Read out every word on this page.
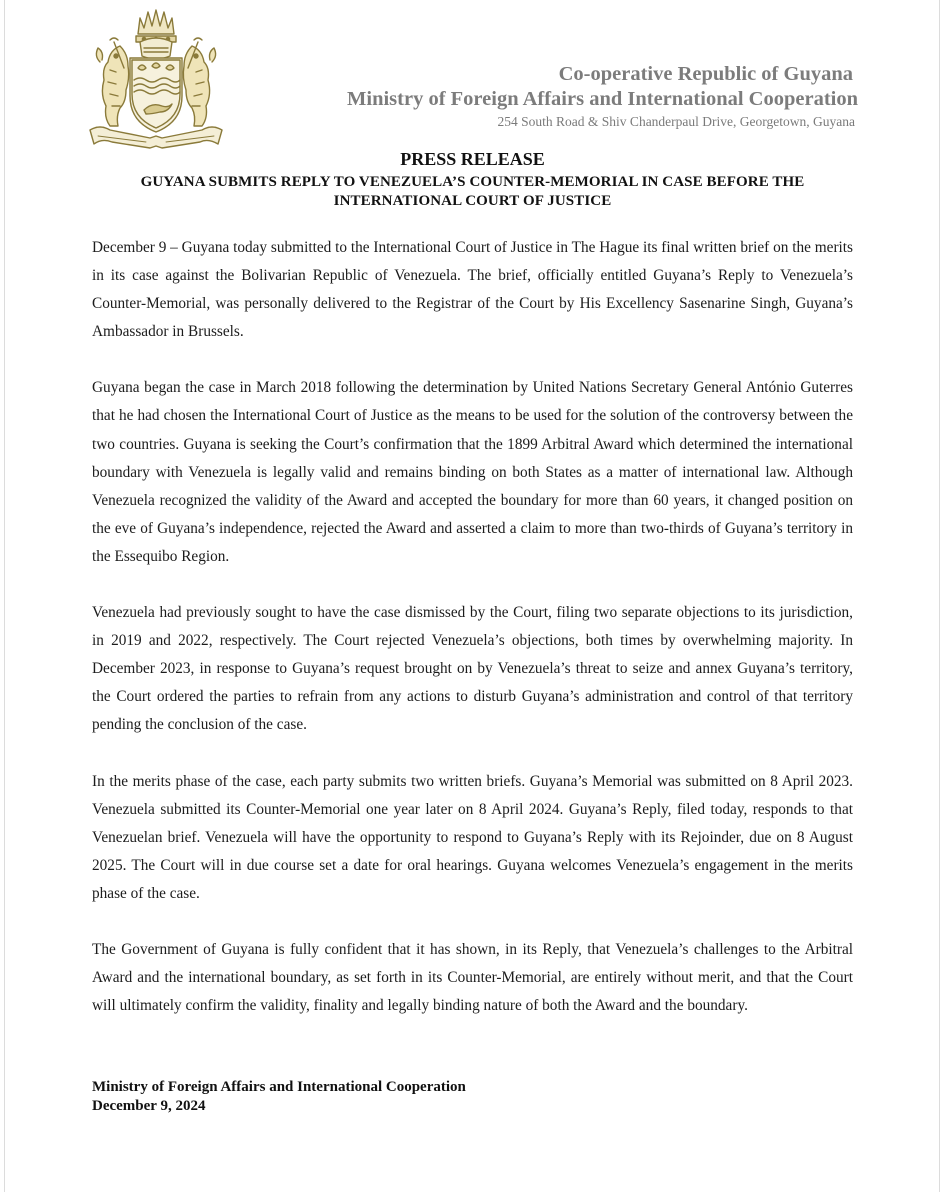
Co-operative Republic of Guyana
Ministry of Foreign Affairs and International Cooperation
254 South Road & Shiv Chanderpaul Drive, Georgetown, Guyana
PRESS RELEASE
GUYANA SUBMITS REPLY TO VENEZUELA’S COUNTER-MEMORIAL IN CASE BEFORE THE
INTERNATIONAL COURT OF JUSTICE

December 9 – Guyana today submitted to the International Court of Justice in The Hague its final written brief on the merits in its case against the Bolivarian Republic of Venezuela. The brief, officially entitled Guyana’s Reply to Venezuela’s Counter-Memorial, was personally delivered to the Registrar of the Court by His Excellency Sasenarine Singh, Guyana’s Ambassador in Brussels.

Guyana began the case in March 2018 following the determination by United Nations Secretary General António Guterres that he had chosen the International Court of Justice as the means to be used for the solution of the controversy between the two countries. Guyana is seeking the Court’s confirmation that the 1899 Arbitral Award which determined the international boundary with Venezuela is legally valid and remains binding on both States as a matter of international law. Although Venezuela recognized the validity of the Award and accepted the boundary for more than 60 years, it changed position on the eve of Guyana’s independence, rejected the Award and asserted a claim to more than two-thirds of Guyana’s territory in the Essequibo Region.

Venezuela had previously sought to have the case dismissed by the Court, filing two separate objections to its jurisdiction, in 2019 and 2022, respectively. The Court rejected Venezuela’s objections, both times by overwhelming majority. In December 2023, in response to Guyana’s request brought on by Venezuela’s threat to seize and annex Guyana’s territory, the Court ordered the parties to refrain from any actions to disturb Guyana’s administration and control of that territory pending the conclusion of the case.

In the merits phase of the case, each party submits two written briefs. Guyana’s Memorial was submitted on 8 April 2023. Venezuela submitted its Counter-Memorial one year later on 8 April 2024. Guyana’s Reply, filed today, responds to that Venezuelan brief. Venezuela will have the opportunity to respond to Guyana’s Reply with its Rejoinder, due on 8 August 2025. The Court will in due course set a date for oral hearings. Guyana welcomes Venezuela’s engagement in the merits phase of the case.

The Government of Guyana is fully confident that it has shown, in its Reply, that Venezuela’s challenges to the Arbitral Award and the international boundary, as set forth in its Counter-Memorial, are entirely without merit, and that the Court will ultimately confirm the validity, finality and legally binding nature of both the Award and the boundary.

Ministry of Foreign Affairs and International Cooperation
December 9, 2024
